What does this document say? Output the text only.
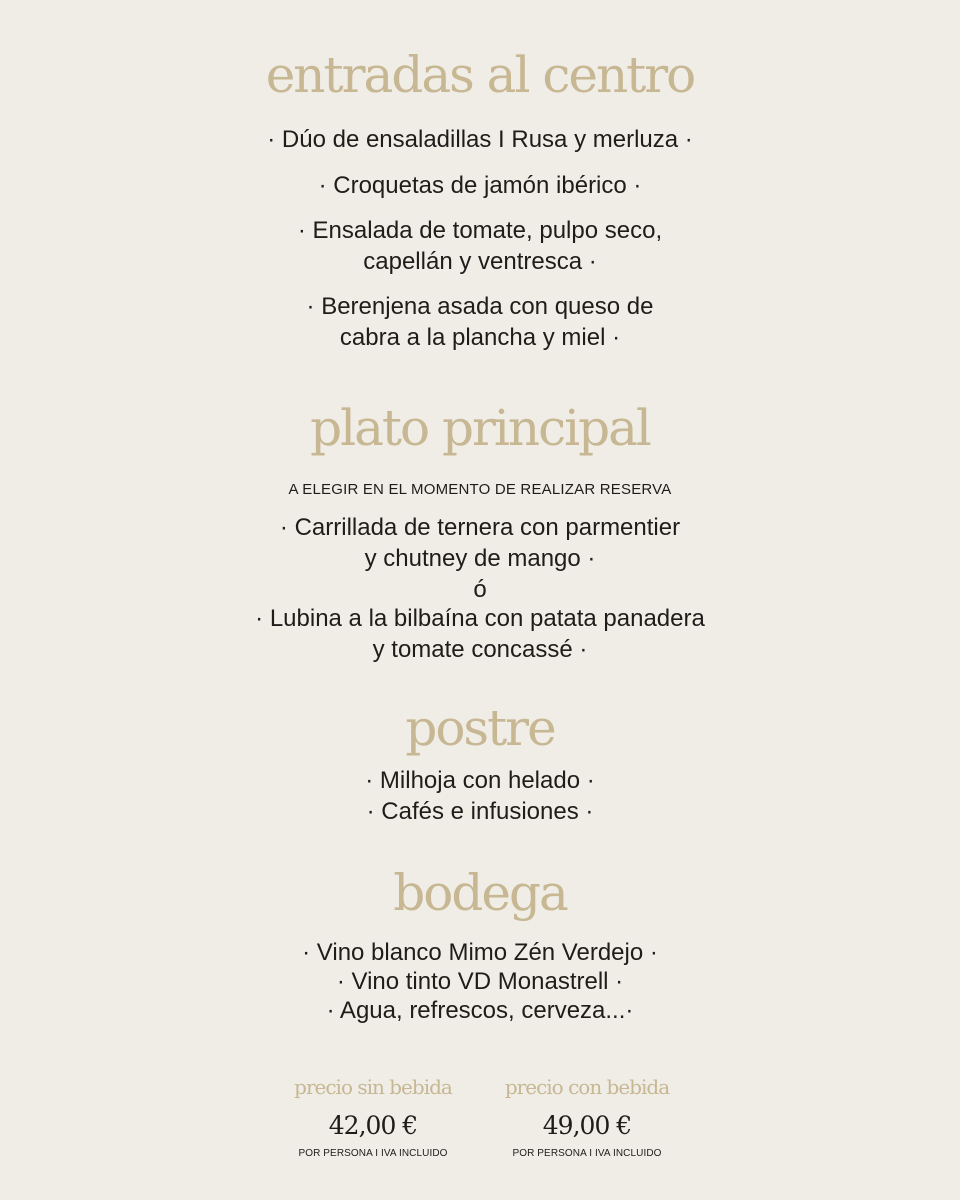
entradas al centro

· Dúo de ensaladillas I Rusa y merluza ·

· Croquetas de jamón ibérico ·

· Ensalada de tomate, pulpo seco,

capellán y ventresca ·

· Berenjena asada con queso de

cabra a la plancha y miel ·

plato principal

A ELEGIR EN EL MOMENTO DE REALIZAR RESERVA

· Carrillada de ternera con parmentier

y chutney de mango ·

ó

· Lubina a la bilbaína con patata panadera

y tomate concassé ·

postre

· Milhoja con helado ·

· Cafés e infusiones ·

bodega

· Vino blanco Mimo Zén Verdejo ·

· Vino tinto VD Monastrell ·

· Agua, refrescos, cerveza...·

precio sin bebida
42,00 €
POR PERSONA I IVA INCLUIDO
precio con bebida
49,00 €
POR PERSONA I IVA INCLUIDO
